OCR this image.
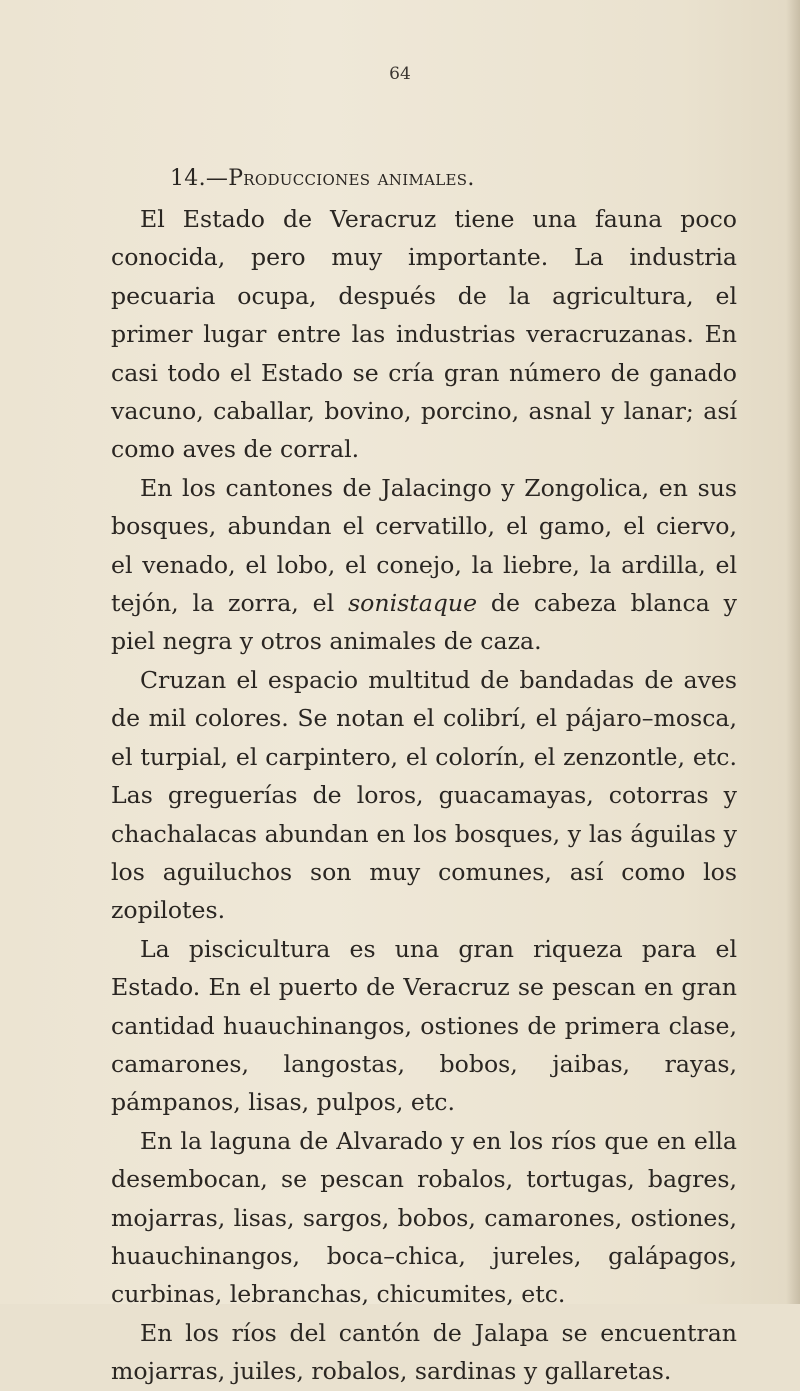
64
14.—Producciones animales.

El Estado de Veracruz tiene una fauna poco conocida, pero muy importante. La industria pecuaria ocupa, después de la agricultura, el primer lugar entre las industrias veracruzanas. En casi todo el Estado se cría gran número de ganado vacuno, caballar, bovino, porcino, asnal y lanar; así como aves de corral.

En los cantones de Jalacingo y Zongolica, en sus bosques, abundan el cervatillo, el gamo, el ciervo, el venado, el lobo, el conejo, la liebre, la ardilla, el tejón, la zorra, el sonistaque de cabeza blanca y piel negra y otros animales de caza.

Cruzan el espacio multitud de bandadas de aves de mil colores. Se notan el colibrí, el pájaro–mosca, el turpial, el carpintero, el colorín, el zenzontle, etc. Las greguerías de loros, guacamayas, cotorras y chachalacas abundan en los bosques, y las águilas y los aguiluchos son muy comunes, así como los zopilotes.

La piscicultura es una gran riqueza para el Estado. En el puerto de Veracruz se pescan en gran cantidad huauchinangos, ostiones de primera clase, camarones, langostas, bobos, jaibas, rayas, pámpanos, lisas, pulpos, etc.

En la laguna de Alvarado y en los ríos que en ella desembocan, se pescan robalos, tortugas, bagres, mojarras, lisas, sargos, bobos, camarones, ostiones, huauchinangos, boca–chica, jureles, galápagos, curbinas, lebranchas, chicumites, etc.

En los ríos del cantón de Jalapa se encuentran mojarras, juiles, robalos, sardinas y gallaretas.
